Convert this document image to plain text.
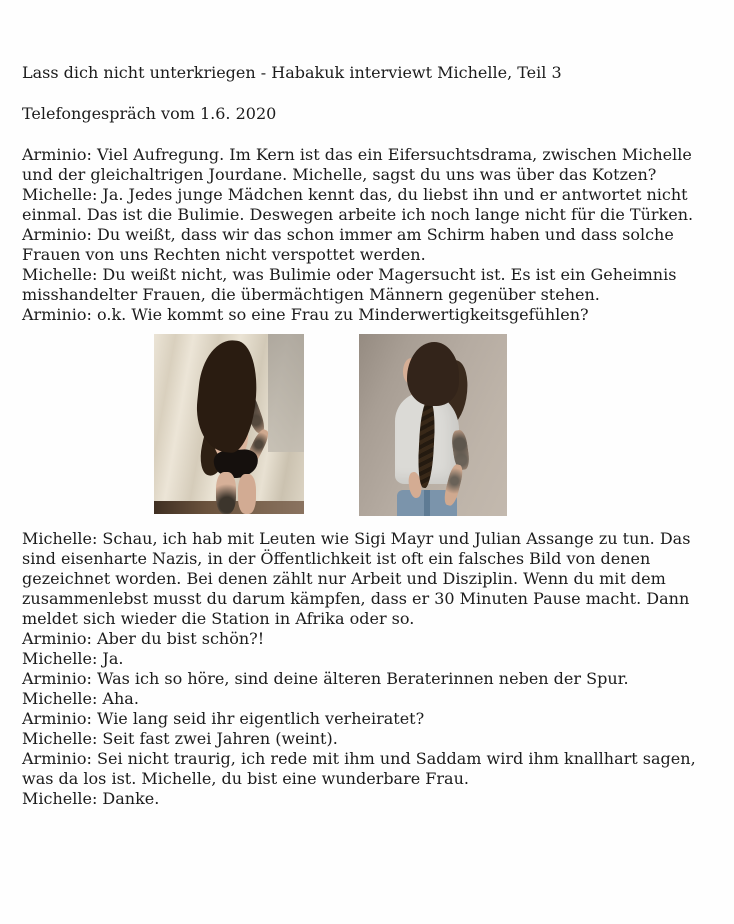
Lass dich nicht unterkriegen - Habakuk interviewt Michelle, Teil 3

Telefongespräch vom 1.6. 2020

Arminio: Viel Aufregung. Im Kern ist das ein Eifersuchtsdrama, zwischen Michelle und der gleichaltrigen Jourdane. Michelle, sagst du uns was über das Kotzen?
Michelle: Ja. Jedes junge Mädchen kennt das, du liebst ihn und er antwortet nicht einmal. Das ist die Bulimie. Deswegen arbeite ich noch lange nicht für die Türken.
Arminio: Du weißt, dass wir das schon immer am Schirm haben und dass solche Frauen von uns Rechten nicht verspottet werden.
Michelle: Du weißt nicht, was Bulimie oder Magersucht ist. Es ist ein Geheimnis misshandelter Frauen, die übermächtigen Männern gegenüber stehen.
Arminio: o.k. Wie kommt so eine Frau zu Minderwertigkeitsgefühlen?
Michelle: Schau, ich hab mit Leuten wie Sigi Mayr und Julian Assange zu tun. Das sind eisenharte Nazis, in der Öffentlichkeit ist oft ein falsches Bild von denen gezeichnet worden. Bei denen zählt nur Arbeit und Disziplin. Wenn du mit dem zusammenlebst musst du darum kämpfen, dass er 30 Minuten Pause macht. Dann meldet sich wieder die Station in Afrika oder so.
Arminio: Aber du bist schön?!
Michelle: Ja.
Arminio: Was ich so höre, sind deine älteren Beraterinnen neben der Spur.
Michelle: Aha.
Arminio: Wie lang seid ihr eigentlich verheiratet?
Michelle: Seit fast zwei Jahren (weint).
Arminio: Sei nicht traurig, ich rede mit ihm und Saddam wird ihm knallhart sagen, was da los ist. Michelle, du bist eine wunderbare Frau.
Michelle: Danke.
